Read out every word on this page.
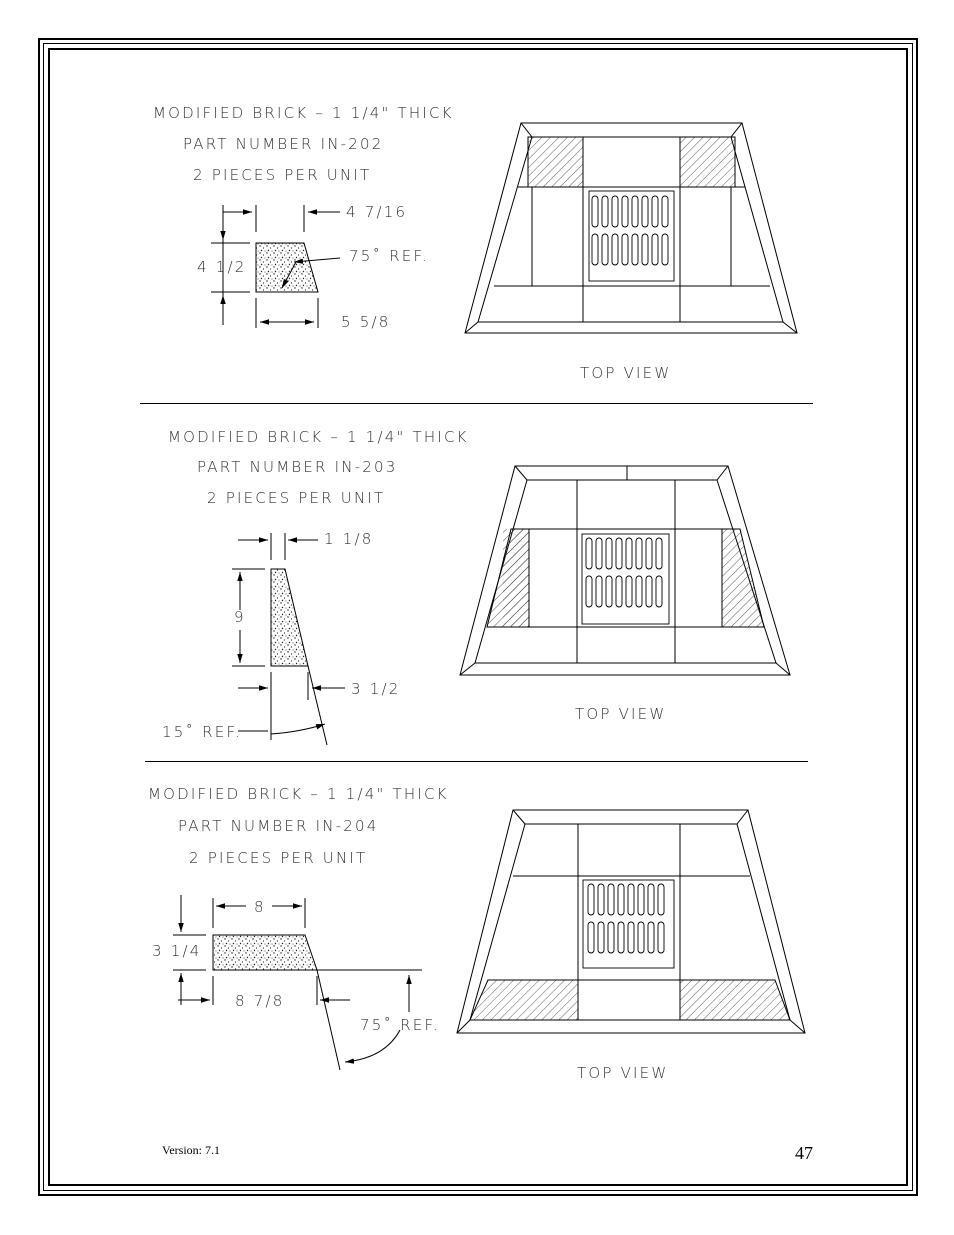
MODIFIED BRICK – 1 1/4" THICK
PART NUMBER IN-202
2 PIECES PER UNIT
4 7/16
4 1/2
75˚ REF.
5 5/8
TOP VIEW
MODIFIED BRICK – 1 1/4" THICK
PART NUMBER IN-203
2 PIECES PER UNIT
1 1/8
9
3 1/2
15˚ REF.
TOP VIEW
MODIFIED BRICK – 1 1/4" THICK
PART NUMBER IN-204
2 PIECES PER UNIT
8
3 1/4
8 7/8
75˚ REF.
TOP VIEW
Version: 7.1	47
